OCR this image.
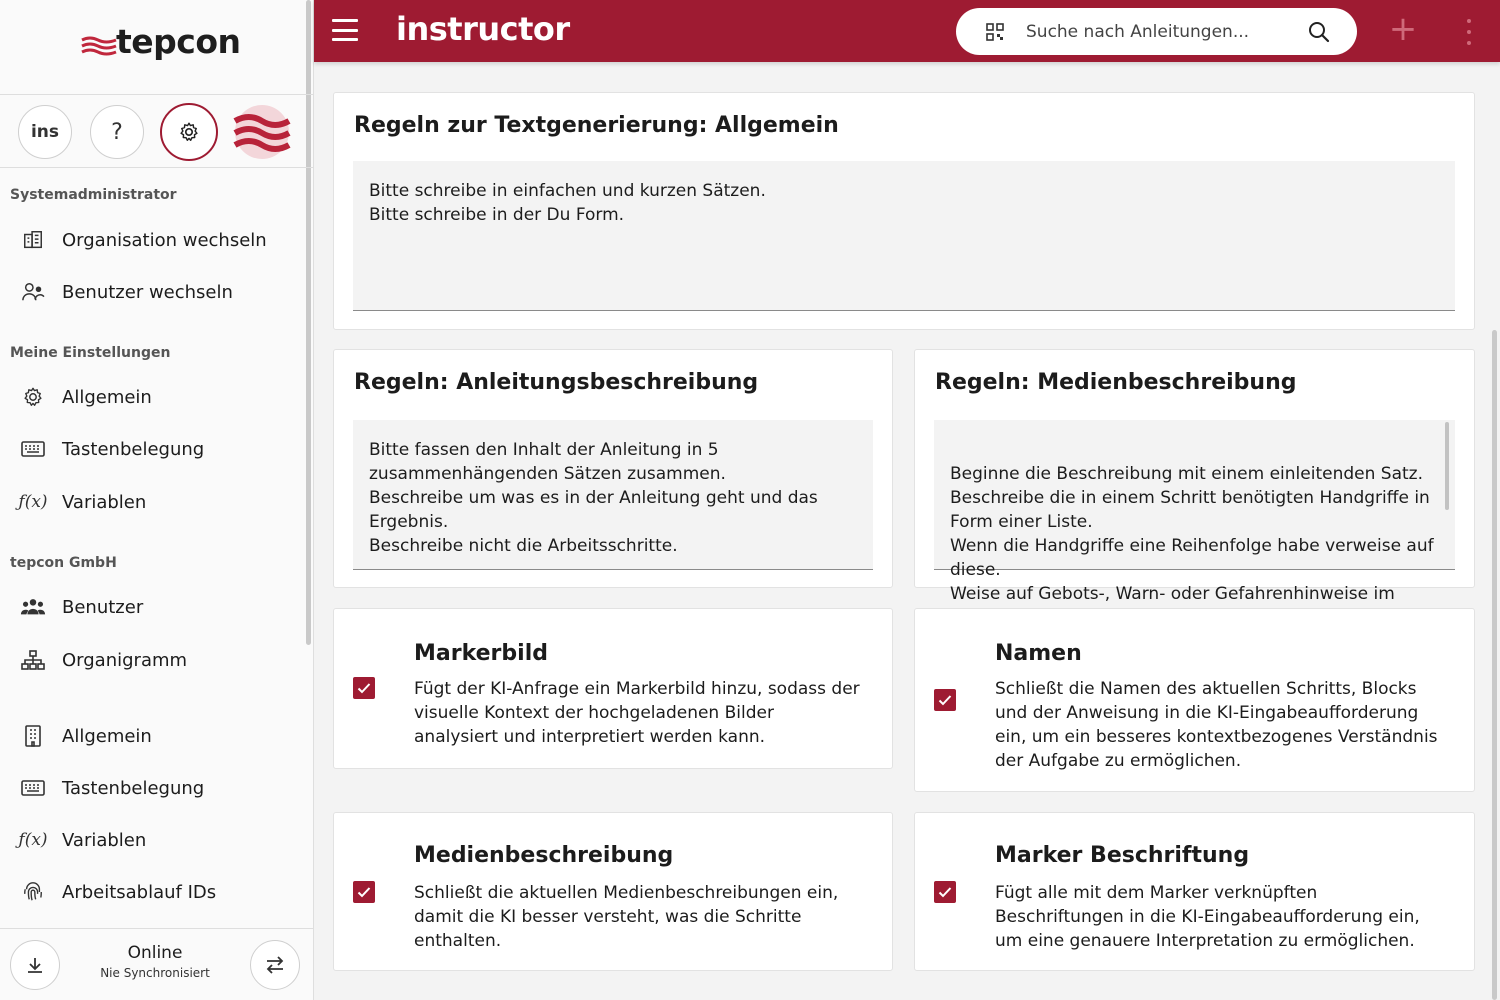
tepcon
ins ?
Systemadministrator
Organisation wechseln
Benutzer wechseln
Meine Einstellungen
Allgemein
Tastenbelegung
ƒ(x) Variablen
tepcon GmbH
Benutzer
Organigramm
Allgemein
Tastenbelegung
ƒ(x) Variablen
Arbeitsablauf IDs
Online
Nie Synchronisiert
instructor
Suche nach Anleitungen...	+
Regeln zur Textgenerierung: Allgemein
Bitte schreibe in einfachen und kurzen Sätzen.
Bitte schreibe in der Du Form.
Regeln: Anleitungsbeschreibung
Bitte fassen den Inhalt der Anleitung in 5 zusammenhängenden Sätzen zusammen.
Beschreibe um was es in der Anleitung geht und das Ergebnis.
Beschreibe nicht die Arbeitsschritte.
Regeln: Medienbeschreibung

Beginne die Beschreibung mit einem einleitenden Satz.
Beschreibe die in einem Schritt benötigten Handgriffe in Form einer Liste.
Wenn die Handgriffe eine Reihenfolge habe verweise auf diese.
Weise auf Gebots-, Warn- oder Gefahrenhinweise im

Markerbild
Fügt der KI-Anfrage ein Markerbild hinzu, sodass der visuelle Kontext der hochgeladenen Bilder analysiert und interpretiert werden kann.
Namen
Schließt die Namen des aktuellen Schritts, Blocks und der Anweisung in die KI-Eingabeaufforderung ein, um ein besseres kontextbezogenes Verständnis der Aufgabe zu ermöglichen.
Medienbeschreibung
Schließt die aktuellen Medienbeschreibungen ein, damit die KI besser versteht, was die Schritte enthalten.
Marker Beschriftung
Fügt alle mit dem Marker verknüpften Beschriftungen in die KI-Eingabeaufforderung ein, um eine genauere Interpretation zu ermöglichen.
